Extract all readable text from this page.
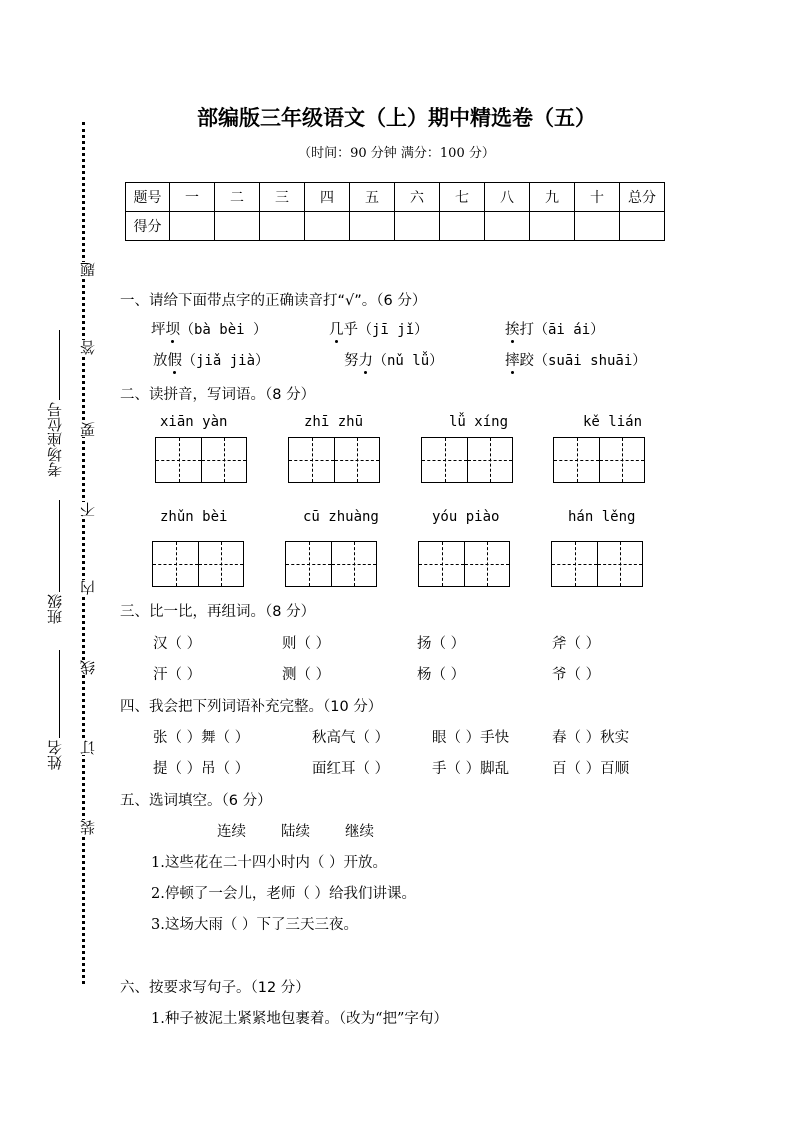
考场座位号
班级
姓名
题
答
要
不
内
线
订
装
部编版三年级语文（上）期中精选卷（五）
（时间：90 分钟 满分：100 分）
题号	一	二	三	四	五	六	七	八	九	十	总分
得分											
一、请给下面带点字的正确读音打“√”。（6 分）
坪坝（bà bèi ）	几乎（jī jǐ）	挨打（āi ái）
放假（jiǎ jià）	努力（nǔ lǚ）	摔跤（suāi shuāi）
二、读拼音，写词语。（8 分）
xiān yàn	zhī zhū	lǚ xíng	kě lián
zhǔn bèi	cū zhuàng	yóu piào	hán lěng
三、比一比，再组词。（8 分）
汉（ ）	则（ ）	扬（ ）	斧（ ）
汗（ ）	测（ ）	杨（ ）	爷（ ）
四、我会把下列词语补充完整。（10 分）
张（ ）舞（ ）	秋高气（ ）	眼（ ）手快	春（ ）秋实
提（ ）吊（ ）	面红耳（ ）	手（ ）脚乱	百（ ）百顺
五、选词填空。（6 分）
连续 陆续 继续
1.这些花在二十四小时内（ ）开放。
2.停顿了一会儿，老师（ ）给我们讲课。
3.这场大雨（ ）下了三天三夜。
六、按要求写句子。（12 分）
1.种子被泥土紧紧地包裹着。（改为“把”字句）
